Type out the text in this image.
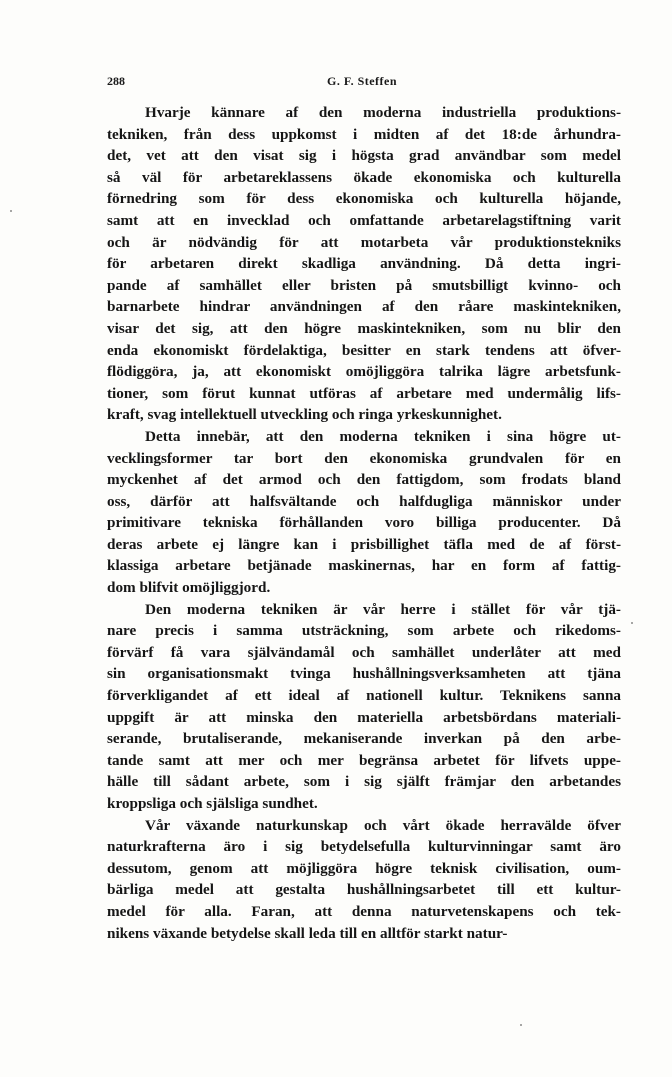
288	G. F. Steffen
Hvarje kännare af den moderna industriella produktions-
tekniken, från dess uppkomst i midten af det 18:de århundra-
det, vet att den visat sig i högsta grad användbar som medel
så väl för arbetareklassens ökade ekonomiska och kulturella
förnedring som för dess ekonomiska och kulturella höjande,
samt att en invecklad och omfattande arbetarelagstiftning varit
och är nödvändig för att motarbeta vår produktionstekniks
för arbetaren direkt skadliga användning. Då detta ingri-
pande af samhället eller bristen på smutsbilligt kvinno- och
barnarbete hindrar användningen af den råare maskintekniken,
visar det sig, att den högre maskintekniken, som nu blir den
enda ekonomiskt fördelaktiga, besitter en stark tendens att öfver-
flödiggöra, ja, att ekonomiskt omöjliggöra talrika lägre arbetsfunk-
tioner, som förut kunnat utföras af arbetare med undermålig lifs-
kraft, svag intellektuell utveckling och ringa yrkeskunnighet.
Detta innebär, att den moderna tekniken i sina högre ut-
vecklingsformer tar bort den ekonomiska grundvalen för en
myckenhet af det armod och den fattigdom, som frodats bland
oss, därför att halfsvältande och halfdugliga människor under
primitivare tekniska förhållanden voro billiga producenter. Då
deras arbete ej längre kan i prisbillighet täfla med de af först-
klassiga arbetare betjänade maskinernas, har en form af fattig-
dom blifvit omöjliggjord.
Den moderna tekniken är vår herre i stället för vår tjä-
nare precis i samma utsträckning, som arbete och rikedoms-
förvärf få vara självändamål och samhället underlåter att med
sin organisationsmakt tvinga hushållningsverksamheten att tjäna
förverkligandet af ett ideal af nationell kultur. Teknikens sanna
uppgift är att minska den materiella arbetsbördans materiali-
serande, brutaliserande, mekaniserande inverkan på den arbe-
tande samt att mer och mer begränsa arbetet för lifvets uppe-
hälle till sådant arbete, som i sig själft främjar den arbetandes
kroppsliga och själsliga sundhet.
Vår växande naturkunskap och vårt ökade herravälde öfver
naturkrafterna äro i sig betydelsefulla kulturvinningar samt äro
dessutom, genom att möjliggöra högre teknisk civilisation, oum-
bärliga medel att gestalta hushållningsarbetet till ett kultur-
medel för alla. Faran, att denna naturvetenskapens och tek-
nikens växande betydelse skall leda till en alltför starkt natur-
